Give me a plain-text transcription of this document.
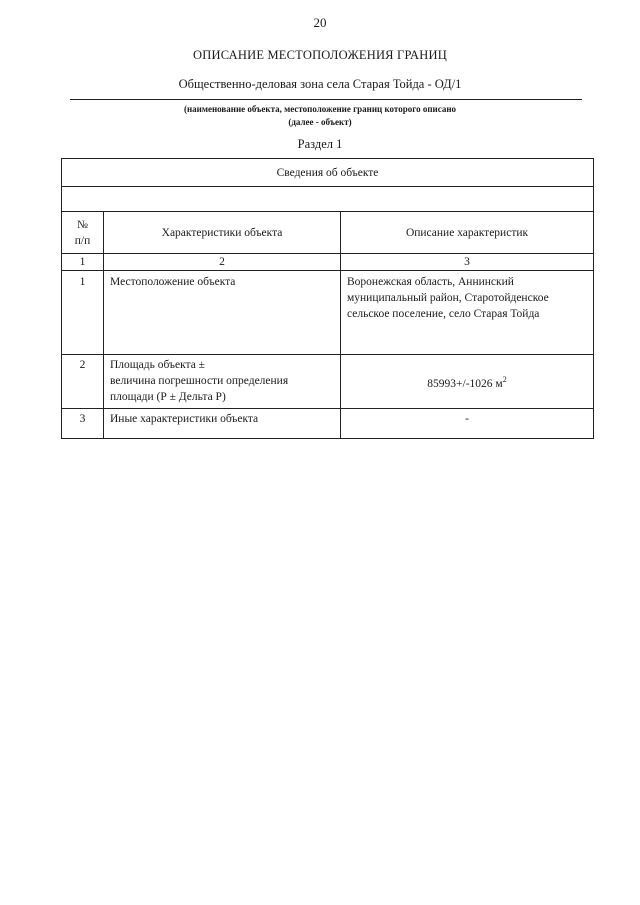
20
ОПИСАНИЕ МЕСТОПОЛОЖЕНИЯ ГРАНИЦ
Общественно-деловая зона села Старая Тойда - ОД/1
(наименование объекта, местоположение границ которого описано
(далее - объект)
Раздел 1
Сведения об объекте		

№
п/п	Характеристики объекта	Описание характеристик
1	2	3
1	Местоположение объекта	Воронежская область, Аннинский
муниципальный район, Старотойденское
сельское поселение, село Старая Тойда

2	Площадь объекта ±
величина погрешности определения
площади (Р ± Дельта Р)	85993+/-1026 $м^2$
3	Иные характеристики объекта	-
